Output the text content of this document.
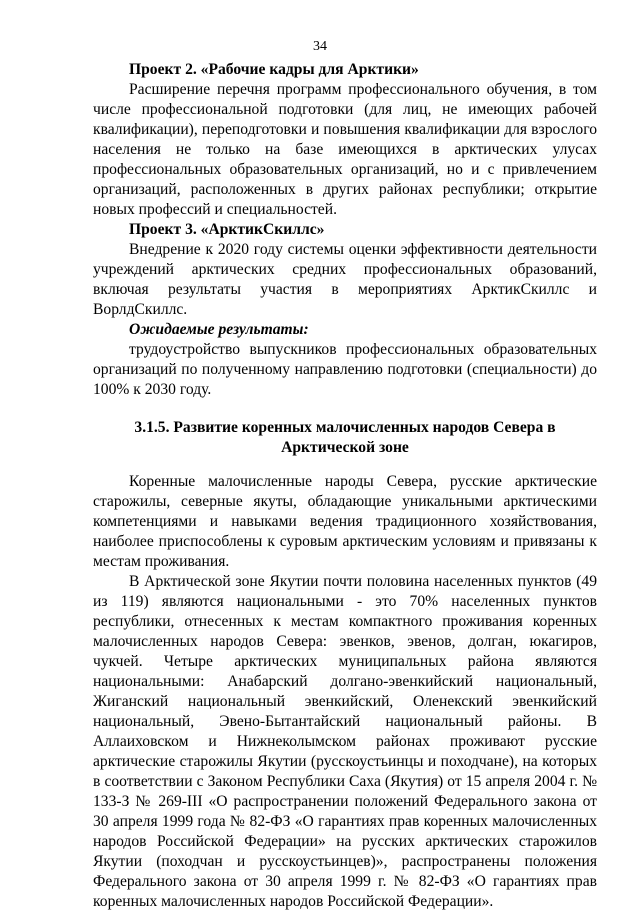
34

Проект 2. «Рабочие кадры для Арктики»

Расширение перечня программ профессионального обучения, в том числе профессиональной подготовки (для лиц, не имеющих рабочей квалификации), переподготовки и повышения квалификации для взрослого населения не только на базе имеющихся в арктических улусах профессиональных образовательных организаций, но и с привлечением организаций, расположенных в других районах республики; открытие новых профессий и специальностей.

Проект 3. «АрктикСкиллс»

Внедрение к 2020 году системы оценки эффективности деятельности учреждений арктических средних профессиональных образований, включая результаты участия в мероприятиях АрктикСкиллс и ВорлдСкиллс.

Ожидаемые результаты:

трудоустройство выпускников профессиональных образовательных организаций по полученному направлению подготовки (специальности) до 100% к 2030 году.

3.1.5. Развитие коренных малочисленных народов Севера в Арктической зоне

Коренные малочисленные народы Севера, русские арктические старожилы, северные якуты, обладающие уникальными арктическими компетенциями и навыками ведения традиционного хозяйствования, наиболее приспособлены к суровым арктическим условиям и привязаны к местам проживания.

В Арктической зоне Якутии почти половина населенных пунктов (49 из 119) являются национальными - это 70% населенных пунктов республики, отнесенных к местам компактного проживания коренных малочисленных народов Севера: эвенков, эвенов, долган, юкагиров, чукчей. Четыре арктических муниципальных района являются национальными: Анабарский долгано-эвенкийский национальный, Жиганский национальный эвенкийский, Оленекский эвенкийский национальный, Эвено-Бытантайский национальный районы. В Аллаиховском и Нижнеколымском районах проживают русские арктические старожилы Якутии (русскоустьинцы и походчане), на которых в соответствии с Законом Республики Саха (Якутия) от 15 апреля 2004 г. № 133-З № 269-III «О распространении положений Федерального закона от 30 апреля 1999 года № 82-ФЗ «О гарантиях прав коренных малочисленных народов Российской Федерации» на русских арктических старожилов Якутии (походчан и русскоустьинцев)», распространены положения Федерального закона от 30 апреля 1999 г. № 82-ФЗ «О гарантиях прав коренных малочисленных народов Российской Федерации».
